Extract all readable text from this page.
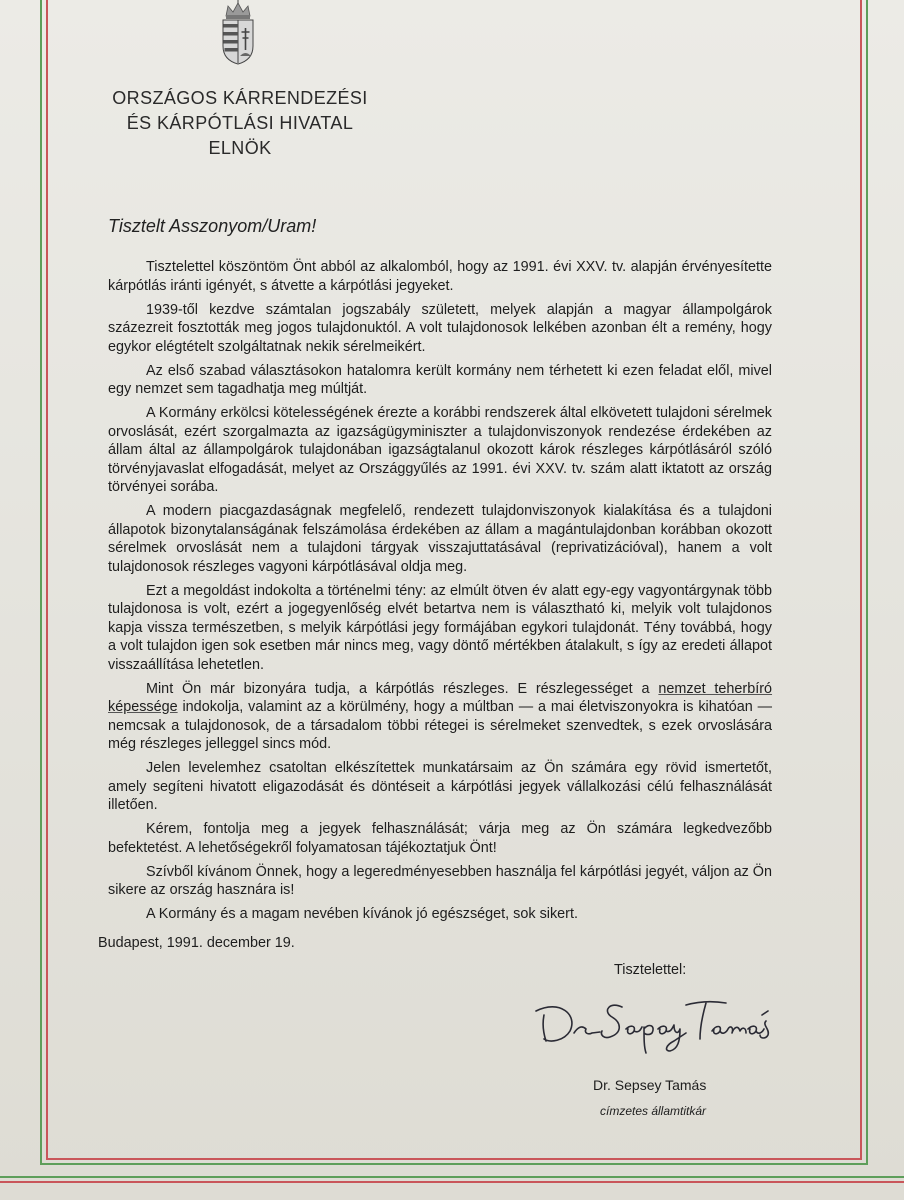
ORSZÁGOS KÁRRENDEZÉSI
ÉS KÁRPÓTLÁSI HIVATAL
ELNÖK
Tisztelt Asszonyom/Uram!

Tisztelettel köszöntöm Önt abból az alkalomból, hogy az 1991. évi XXV. tv. alapján érvényesítette kárpótlás iránti igényét, s átvette a kárpótlási jegyeket.

1939-től kezdve számtalan jogszabály született, melyek alapján a magyar állampolgárok százezreit fosztották meg jogos tulajdonuktól. A volt tulajdonosok lelkében azonban élt a remény, hogy egykor elégtételt szolgáltatnak nekik sérelmeikért.

Az első szabad választásokon hatalomra került kormány nem térhetett ki ezen feladat elől, mivel egy nemzet sem tagadhatja meg múltját.

A Kormány erkölcsi kötelességének érezte a korábbi rendszerek által elkövetett tulajdoni sérelmek orvoslását, ezért szorgalmazta az igazságügyminiszter a tulajdonviszonyok rendezése érdekében az állam által az állampolgárok tulajdonában igazságtalanul okozott károk részleges kárpótlásáról szóló törvényjavaslat elfogadását, melyet az Országgyűlés az 1991. évi XXV. tv. szám alatt iktatott az ország törvényei sorába.

A modern piacgazdaságnak megfelelő, rendezett tulajdonviszonyok kialakítása és a tulajdoni állapotok bizonytalanságának felszámolása érdekében az állam a magántulajdonban korábban okozott sérelmek orvoslását nem a tulajdoni tárgyak visszajuttatásával (reprivatizációval), hanem a volt tulajdonosok részleges vagyoni kárpótlásával oldja meg.

Ezt a megoldást indokolta a történelmi tény: az elmúlt ötven év alatt egy-egy vagyontárgynak több tulajdonosa is volt, ezért a jogegyenlőség elvét betartva nem is választható ki, melyik volt tulajdonos kapja vissza természetben, s melyik kárpótlási jegy formájában egykori tulajdonát. Tény továbbá, hogy a volt tulajdon igen sok esetben már nincs meg, vagy döntő mértékben átalakult, s így az eredeti állapot visszaállítása lehetetlen.

Mint Ön már bizonyára tudja, a kárpótlás részleges. E részlegességet a nemzet teherbíró képessége indokolja, valamint az a körülmény, hogy a múltban — a mai életviszonyokra is kihatóan — nemcsak a tulajdonosok, de a társadalom többi rétegei is sérelmeket szenvedtek, s ezek orvoslására még részleges jelleggel sincs mód.

Jelen levelemhez csatoltan elkészítettek munkatársaim az Ön számára egy rövid ismertetőt, amely segíteni hivatott eligazodását és döntéseit a kárpótlási jegyek vállalkozási célú felhasználását illetően.

Kérem, fontolja meg a jegyek felhasználását; várja meg az Ön számára legkedvezőbb befektetést. A lehetőségekről folyamatosan tájékoztatjuk Önt!

Szívből kívánom Önnek, hogy a legeredményesebben használja fel kárpótlási jegyét, váljon az Ön sikere az ország hasznára is!

A Kormány és a magam nevében kívánok jó egészséget, sok sikert.

Budapest, 1991. december 19.
Tisztelettel:
Dr. Sepsey Tamás
címzetes államtitkár
